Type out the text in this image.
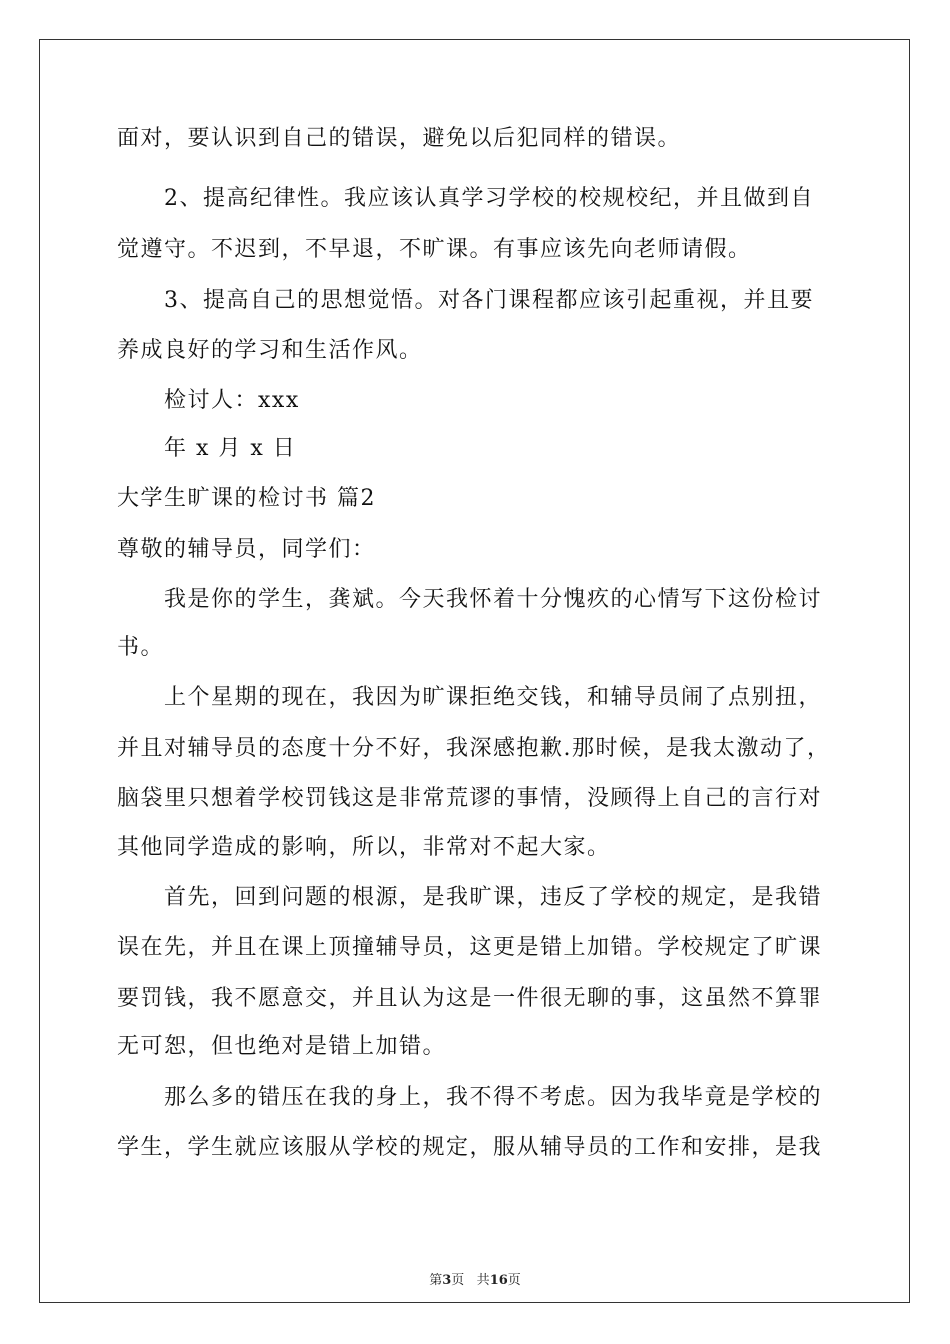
面对，要认识到自己的错误，避免以后犯同样的错误。
2、提高纪律性。我应该认真学习学校的校规校纪，并且做到自
觉遵守。不迟到，不早退，不旷课。有事应该先向老师请假。
3、提高自己的思想觉悟。对各门课程都应该引起重视，并且要
养成良好的学习和生活作风。
检讨人：xxx
年 x 月 x 日
大学生旷课的检讨书 篇2
尊敬的辅导员，同学们：
我是你的学生，龚斌。今天我怀着十分愧疚的心情写下这份检讨
书。
上个星期的现在，我因为旷课拒绝交钱，和辅导员闹了点别扭，
并且对辅导员的态度十分不好，我深感抱歉.那时候，是我太激动了，
脑袋里只想着学校罚钱这是非常荒谬的事情，没顾得上自己的言行对
其他同学造成的影响，所以，非常对不起大家。
首先，回到问题的根源，是我旷课，违反了学校的规定，是我错
误在先，并且在课上顶撞辅导员，这更是错上加错。学校规定了旷课
要罚钱，我不愿意交，并且认为这是一件很无聊的事，这虽然不算罪
无可恕，但也绝对是错上加错。
那么多的错压在我的身上，我不得不考虑。因为我毕竟是学校的
学生，学生就应该服从学校的规定，服从辅导员的工作和安排，是我
第3页 共16页
